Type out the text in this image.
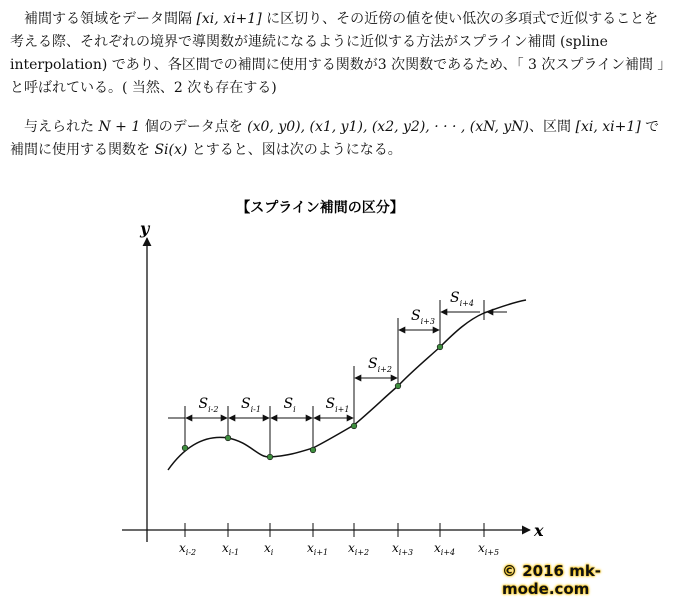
補間する領域をデータ間隔 [xi, xi+1] に区切り、その近傍の値を使い低次の多項式で近似することを考える際、それぞれの境界で導関数が連続になるように近似する方法がスプライン補間 (spline interpolation) であり、各区間での補間に使用する関数が3 次関数であるため、「 3 次スプライン補間 」と呼ばれている。( 当然、2 次も存在する)

与えられた N + 1 個のデータ点を (x0, y0), (x1, y1), (x2, y2), · · · , (xN, yN)、区間 [xi, xi+1] で補間に使用する関数を Si(x) とすると、図は次のようになる。

【スプライン補間の区分】
y
x
$x_{i-2}$ $x_{i-1}$ $x_i$	$x_{i+1}$ $x_{i+2}$ $x_{i+3}$ $x_{i+4}$ $x_{i+5}$
$S_{i-2}$ $S_{i-1}$ $S_i$ $S_{i+1}$
$S_{i+2}$
$S_{i+3}$
$S_{i+4}$
© 2016 mk-mode.com
